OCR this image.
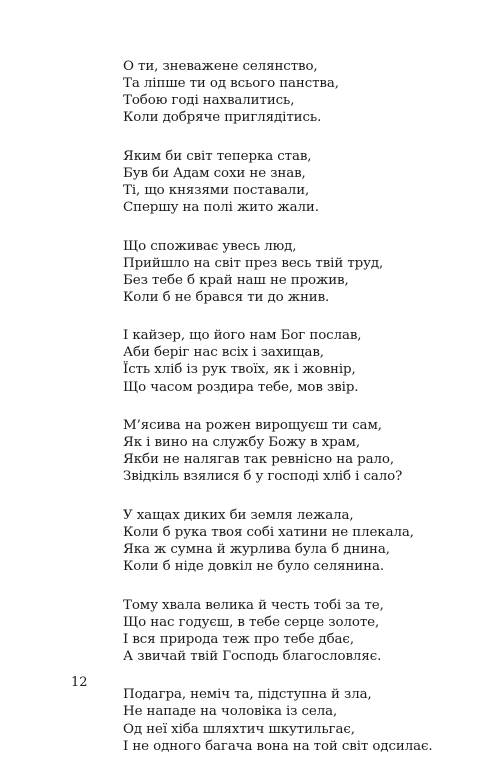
О ти, зневажене селянство,
Та ліпше ти од всього панства,
Тобою годі нахвалитись,
Коли добряче приглядітись.
Яким би світ теперка став,
Був би Адам сохи не знав,
Ті, що князями поставали,
Спершу на полі жито жали.
Що споживає увесь люд,
Прийшло на світ през весь твій труд,
Без тебе б край наш не прожив,
Коли б не брався ти до жнив.
І кайзер, що його нам Бог послав,
Аби беріг нас всіх і захищав,
Їсть хліб із рук твоїх, як і жовнір,
Що часом роздира тебе, мов звір.
М’ясива на рожен вирощуєш ти сам,
Як і вино на службу Божу в храм,
Якби не налягав так ревнісно на рало,
Звідкіль взялися б у господі хліб і сало?
У хащах диких би земля лежала,
Коли б рука твоя собі хатини не плекала,
Яка ж сумна й журлива була б днина,
Коли б ніде довкіл не було селянина.
Тому хвала велика й честь тобі за те,
Що нас годуєш, в тебе серце золоте,
І вся природа теж про тебе дбає,
А звичай твій Господь благословляє.
Подагра, неміч та, підступна й зла,
Не нападе на чоловіка із села,
Од неї хіба шляхтич шкутильгає,
І не одного багача вона на той світ одсилає.
12
